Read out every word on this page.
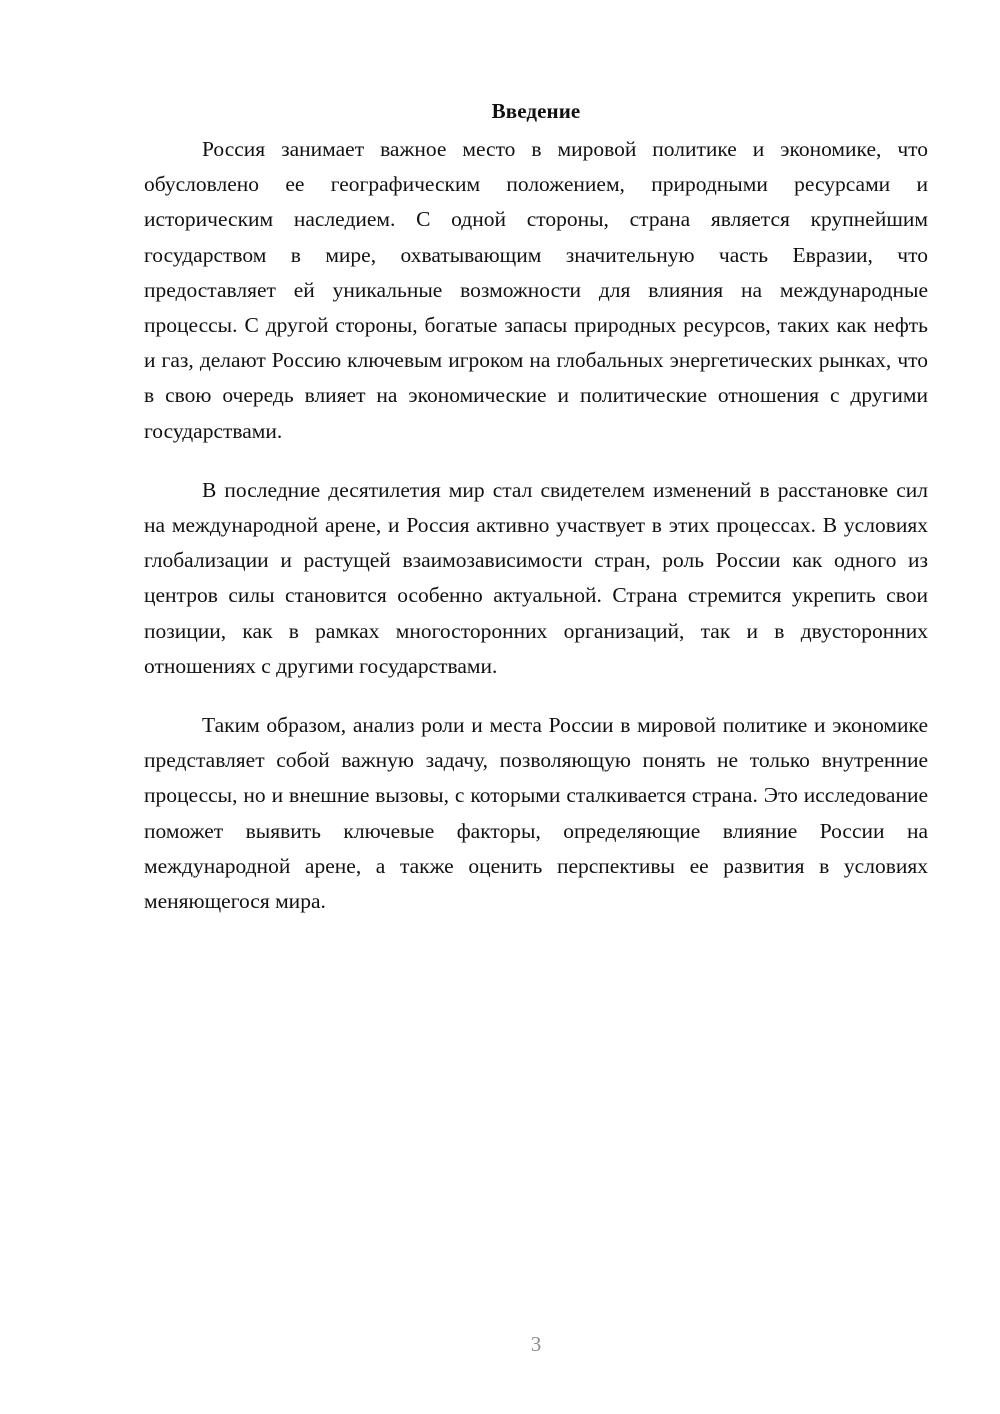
Введение

Россия занимает важное место в мировой политике и экономике, что обусловлено ее географическим положением, природными ресурсами и историческим наследием. С одной стороны, страна является крупнейшим государством в мире, охватывающим значительную часть Евразии, что предоставляет ей уникальные возможности для влияния на международные процессы. С другой стороны, богатые запасы природных ресурсов, таких как нефть и газ, делают Россию ключевым игроком на глобальных энергетических рынках, что в свою очередь влияет на экономические и политические отношения с другими государствами.

В последние десятилетия мир стал свидетелем изменений в расстановке сил на международной арене, и Россия активно участвует в этих процессах. В условиях глобализации и растущей взаимозависимости стран, роль России как одного из центров силы становится особенно актуальной. Страна стремится укрепить свои позиции, как в рамках многосторонних организаций, так и в двусторонних отношениях с другими государствами.

Таким образом, анализ роли и места России в мировой политике и экономике представляет собой важную задачу, позволяющую понять не только внутренние процессы, но и внешние вызовы, с которыми сталкивается страна. Это исследование поможет выявить ключевые факторы, определяющие влияние России на международной арене, а также оценить перспективы ее развития в условиях меняющегося мира.

3
